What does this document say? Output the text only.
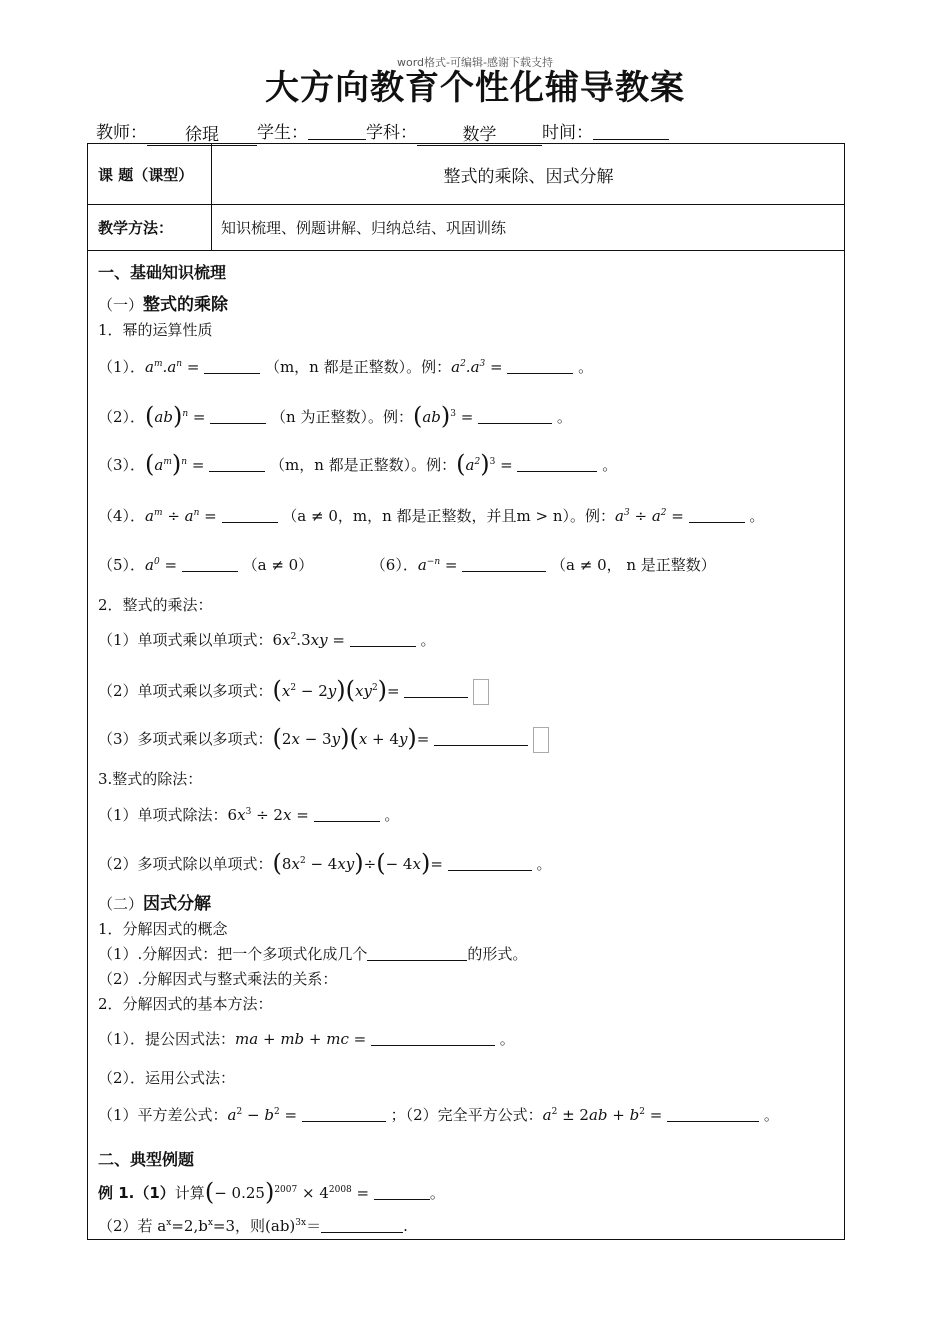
word格式-可编辑-感谢下载支持
大方向教育个性化辅导教案
教师： 徐琨 学生：	学科：	数学	时间：
课 题（课型）	整式的乘除、因式分解
教学方法：	知识梳理、例题讲解、归纳总结、巩固训练
一、基础知识梳理
（一）整式的乘除
1．幂的运算性质
（1）．$a^m.a^n$ =	（m，n 都是正整数）。例：$a^2.a^3$ =	。
（2）．(ab)$^n$ =	（n 为正整数）。例：(ab)$^3$ =	。
（3）．$(a^m)^n$ =	（m，n 都是正整数）。例：$(a^2)^3$ =	。
（4）．$a^m \div a^n$ =	（a ≠ 0，m，n 都是正整数，并且m > n）。例：$a^3 \div a^2$ =	。
（5）．$a^0$ =	（a ≠ 0）	（6）．$a^{-n}$ =	（a ≠ 0， n 是正整数）
2．整式的乘法：
（1）单项式乘以单项式：$6x^2.3xy$ =	。
（2）单项式乘以多项式：$(x^2 - 2y)(xy^2)=$
（3）多项式乘以多项式：(2x − 3y)(x + 4y)=
3.整式的除法：
（1）单项式除法：$6x^3 \div 2x$ =	。
（2）多项式除以单项式：$(8x^2 - 4xy)\div(- 4x)=$	。
（二）因式分解
1．分解因式的概念
（1）.分解因式：把一个多项式化成几个	的形式。
（2）.分解因式与整式乘法的关系：
2．分解因式的基本方法：
（1）．提公因式法：ma + mb + mc =	。
（2）．运用公式法：
（1）平方差公式：$a^2 - b^2$ =	；（2）完全平方公式：$a^2 \pm 2ab + b^2$ =	。
二、典型例题
例 1.（1）计算(− $0.25)^{2007} \times 4^{2008}$ =	。
（2）若 $a^x=2,b^x=3$，则(ab)$^{3x}$＝	.
